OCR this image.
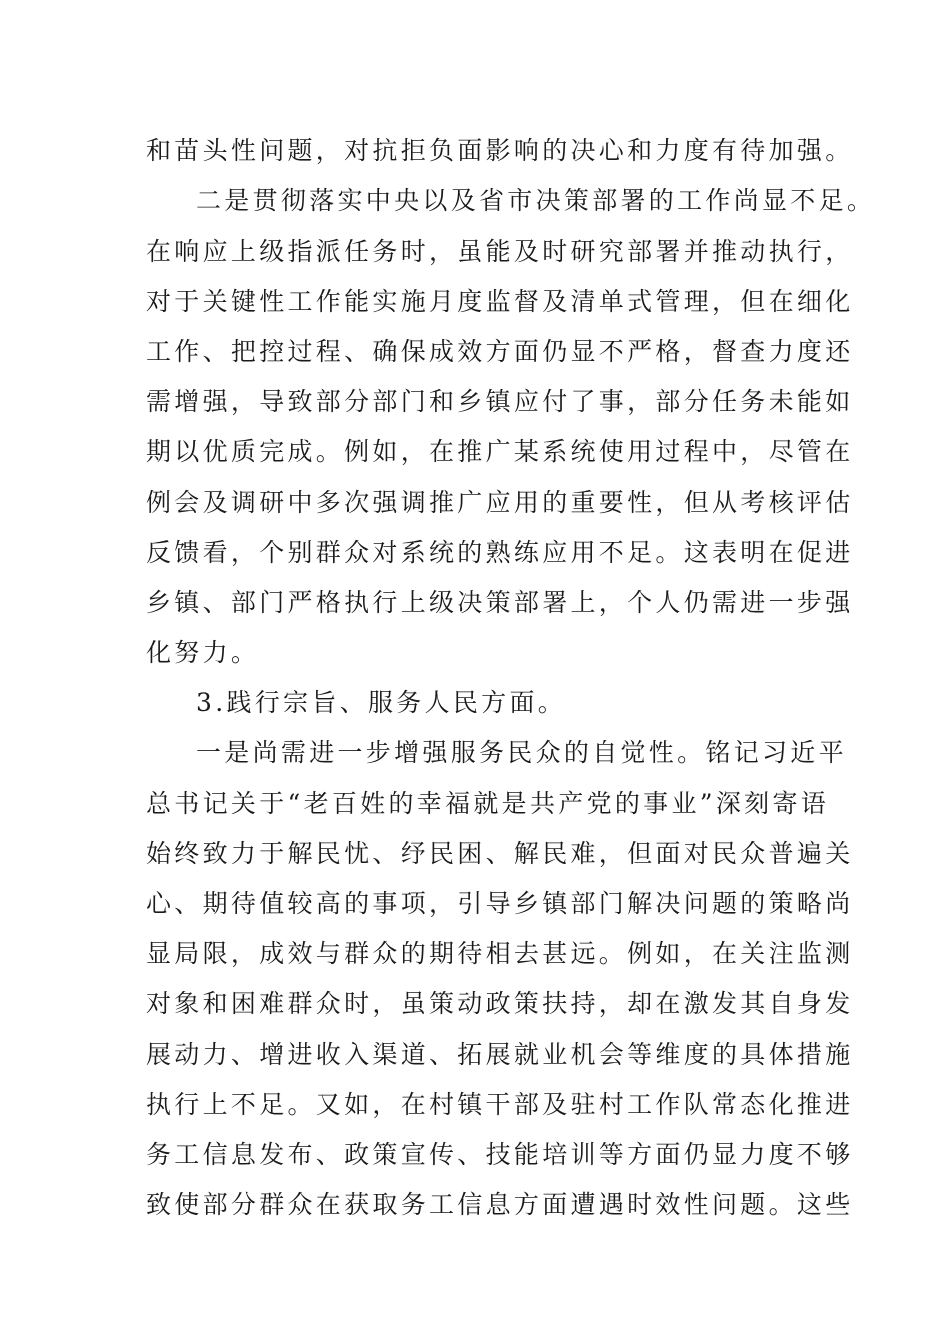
和苗头性问题，对抗拒负面影响的决心和力度有待加强。
二是贯彻落实中央以及省市决策部署的工作尚显不足。
在响应上级指派任务时，虽能及时研究部署并推动执行，
对于关键性工作能实施月度监督及清单式管理，但在细化
工作、把控过程、确保成效方面仍显不严格，督查力度还
需增强，导致部分部门和乡镇应付了事，部分任务未能如
期以优质完成。例如，在推广某系统使用过程中，尽管在
例会及调研中多次强调推广应用的重要性，但从考核评估
反馈看，个别群众对系统的熟练应用不足。这表明在促进
乡镇、部门严格执行上级决策部署上，个人仍需进一步强
化努力。
3.践行宗旨、服务人民方面。
一是尚需进一步增强服务民众的自觉性。铭记习近平
总书记关于“老百姓的幸福就是共产党的事业”深刻寄语
始终致力于解民忧、纾民困、解民难，但面对民众普遍关
心、期待值较高的事项，引导乡镇部门解决问题的策略尚
显局限，成效与群众的期待相去甚远。例如，在关注监测
对象和困难群众时，虽策动政策扶持，却在激发其自身发
展动力、增进收入渠道、拓展就业机会等维度的具体措施
执行上不足。又如，在村镇干部及驻村工作队常态化推进
务工信息发布、政策宣传、技能培训等方面仍显力度不够
致使部分群众在获取务工信息方面遭遇时效性问题。这些
